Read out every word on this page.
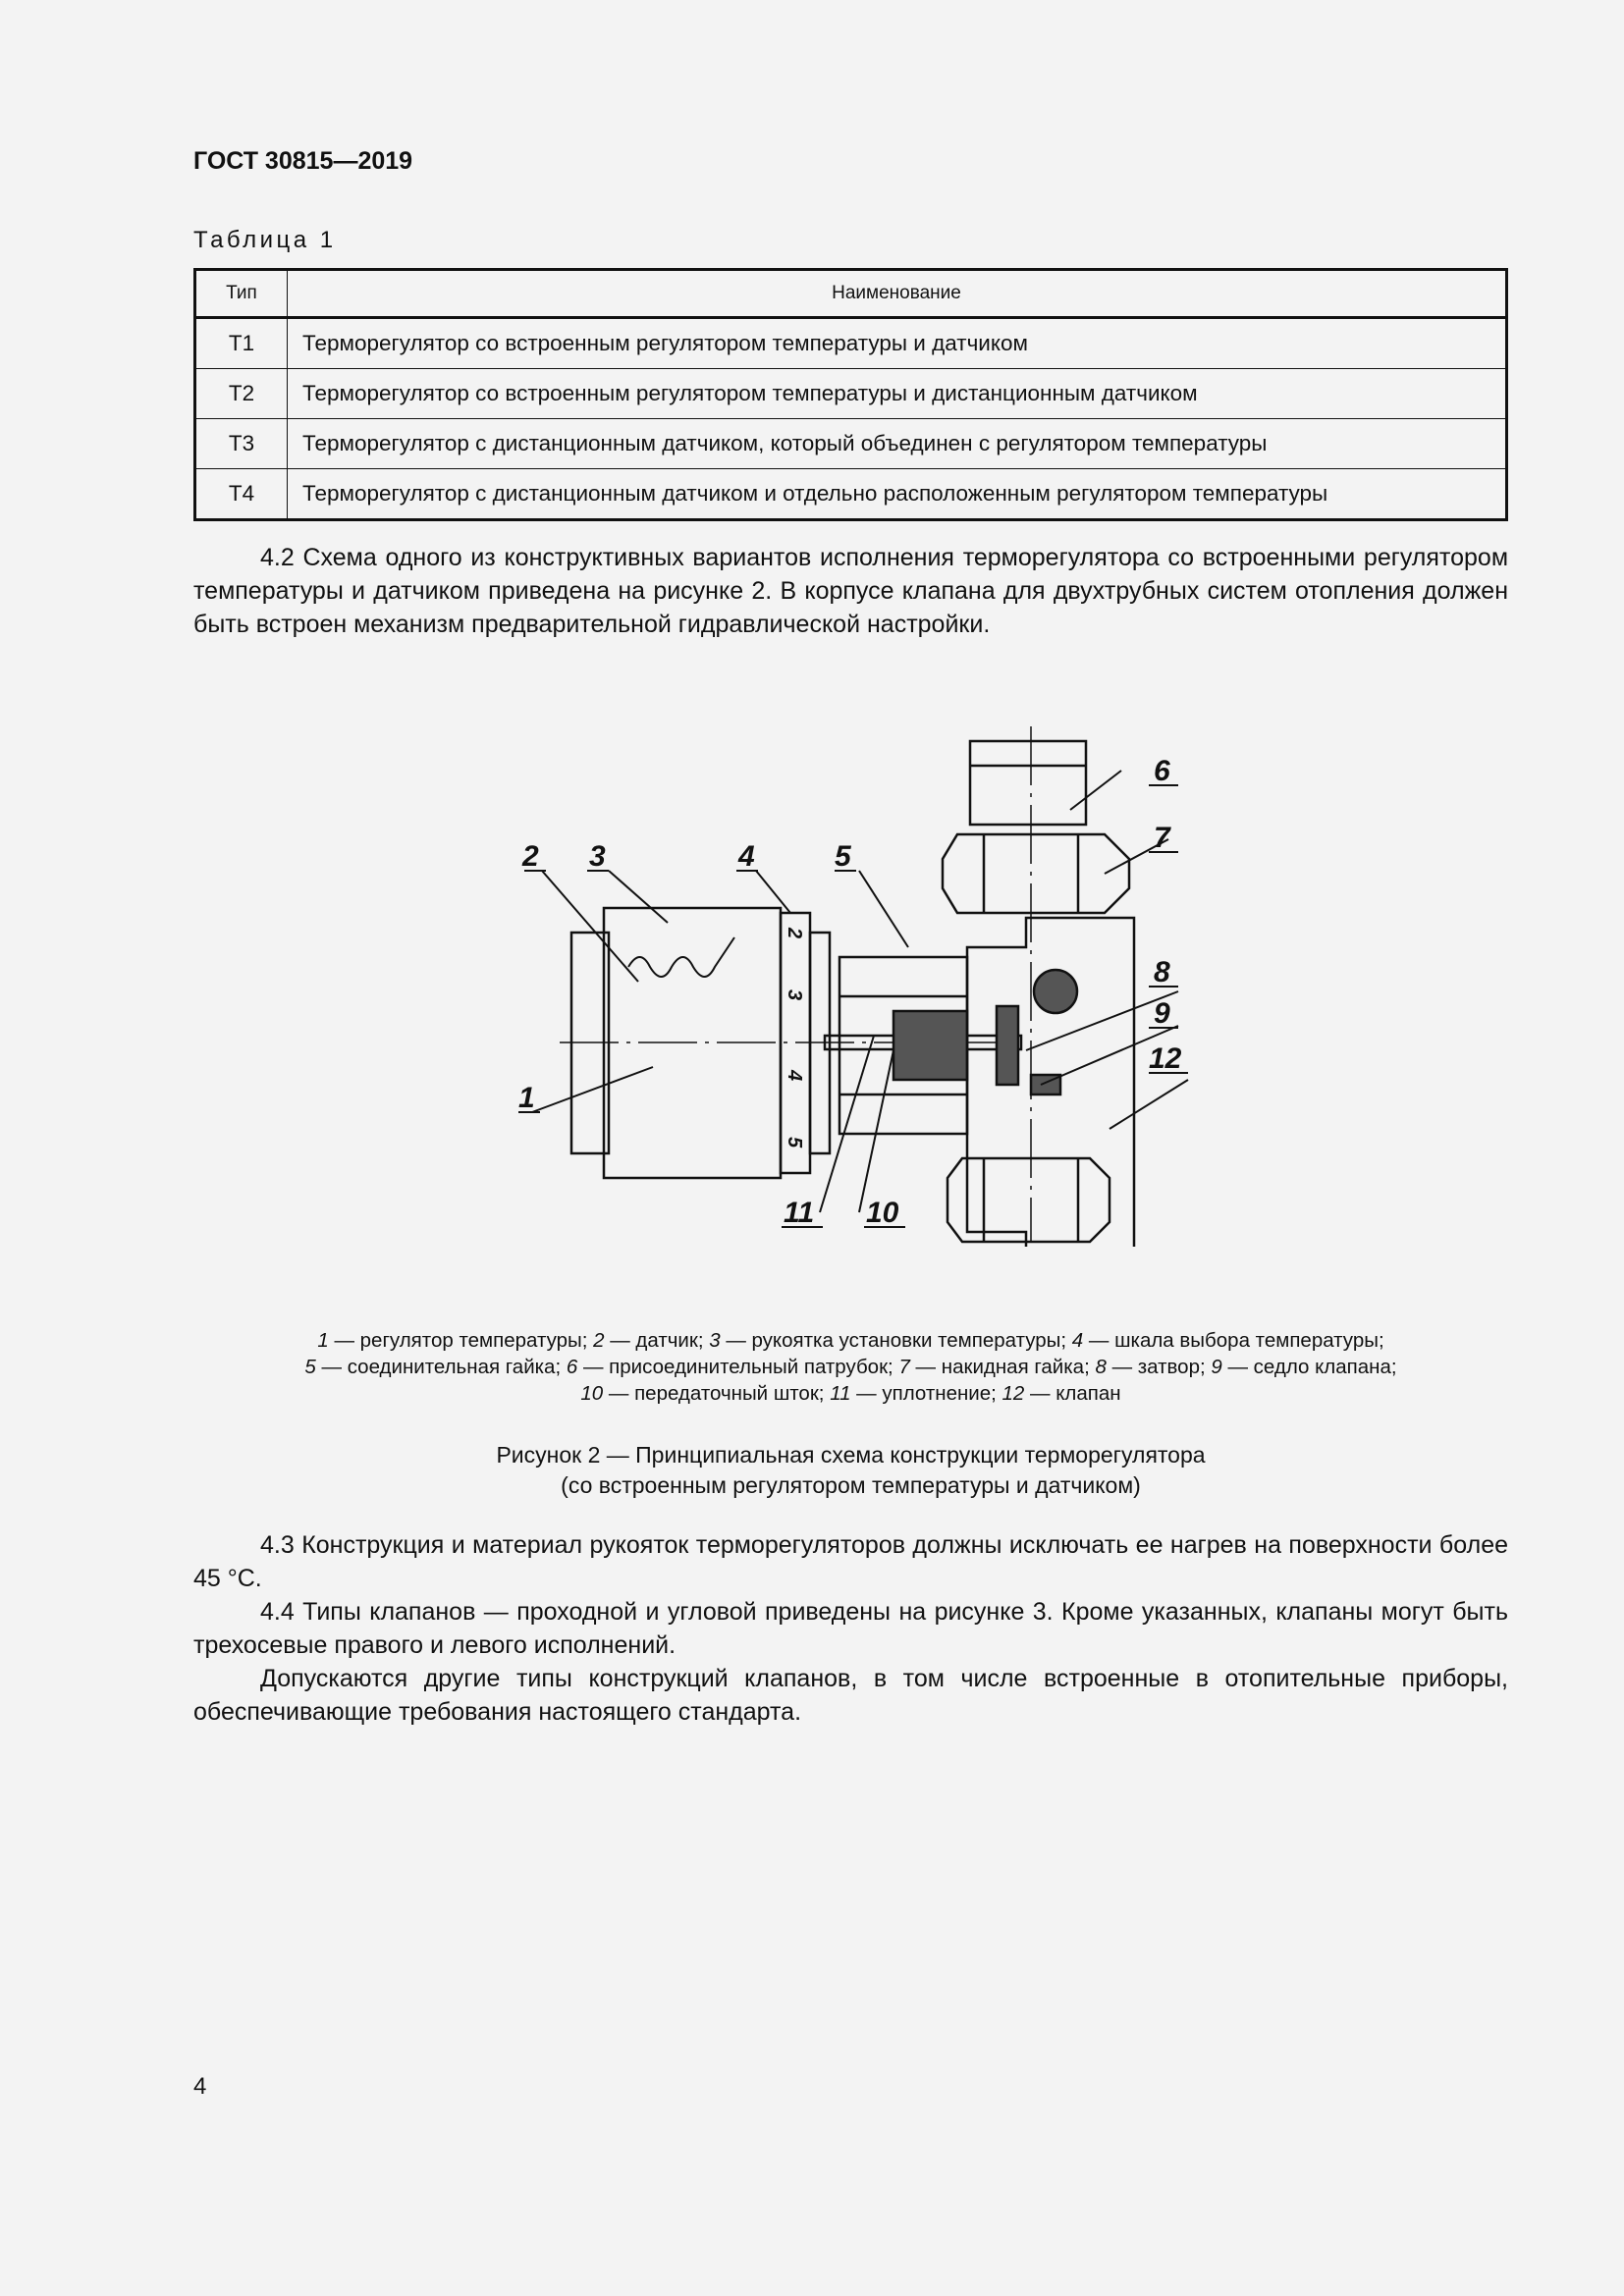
ГОСТ 30815—2019
Таблица 1
Тип	Наименование
Т1	Терморегулятор со встроенным регулятором температуры и датчиком
Т2	Терморегулятор со встроенным регулятором температуры и дистанционным датчиком
Т3	Терморегулятор с дистанционным датчиком, который объединен с регулятором температуры
Т4	Терморегулятор с дистанционным датчиком и отдельно расположенным регулятором температуры

4.2 Схема одного из конструктивных вариантов исполнения терморегулятора со встроенными регулятором температуры и датчиком приведена на рисунке 2. В корпусе клапана для двухтрубных систем отопления должен быть встроен механизм предварительной гидравлической настройки.

2
3
4
5
2 3	4	5
6
7
8
9
12
1
11 10
1 — регулятор температуры; 2 — датчик; 3 — рукоятка установки температуры; 4 — шкала выбора температуры;
5 — соединительная гайка; 6 — присоединительный патрубок; 7 — накидная гайка; 8 — затвор; 9 — седло клапана;
10 — передаточный шток; 11 — уплотнение; 12 — клапан
Рисунок 2 — Принципиальная схема конструкции терморегулятора
(со встроенным регулятором температуры и датчиком)

4.3 Конструкция и материал рукояток терморегуляторов должны исключать ее нагрев на поверхности более 45 °С.

4.4 Типы клапанов — проходной и угловой приведены на рисунке 3. Кроме указанных, клапаны могут быть трехосевые правого и левого исполнений.

Допускаются другие типы конструкций клапанов, в том числе встроенные в отопительные приборы, обеспечивающие требования настоящего стандарта.

4
